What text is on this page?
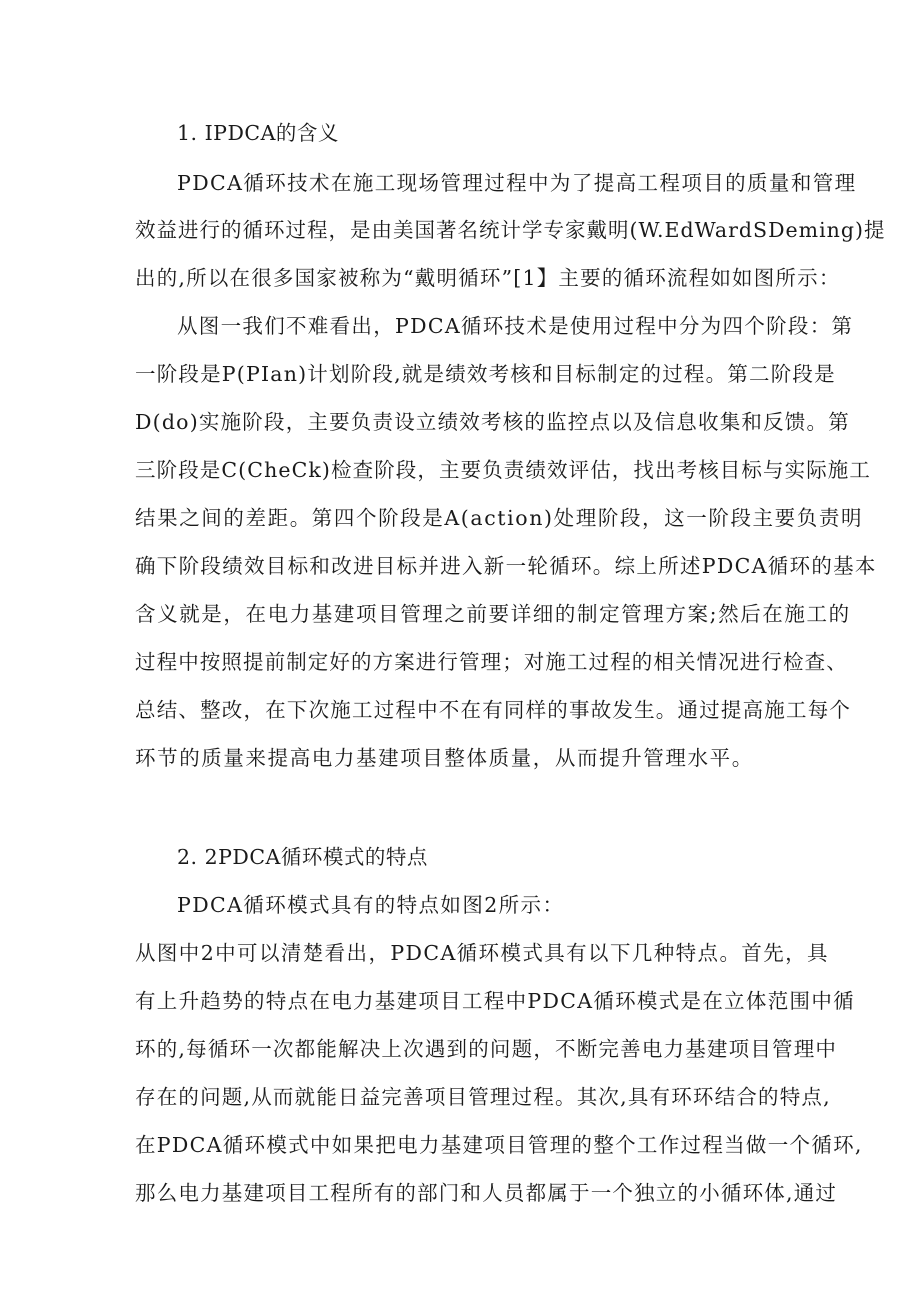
1. IPDCA的含义

PDCA循环技术在施工现场管理过程中为了提高工程项目的质量和管理

效益进行的循环过程，是由美国著名统计学专家戴明(W.EdWardSDeming)提

出的,所以在很多国家被称为“戴明循环”[1】主要的循环流程如如图所示：

从图一我们不难看出，PDCA循环技术是使用过程中分为四个阶段：第

一阶段是P(PIan)计划阶段,就是绩效考核和目标制定的过程。第二阶段是

D(do)实施阶段，主要负责设立绩效考核的监控点以及信息收集和反馈。第

三阶段是C(CheCk)检查阶段，主要负责绩效评估，找出考核目标与实际施工

结果之间的差距。第四个阶段是A(action)处理阶段，这一阶段主要负责明

确下阶段绩效目标和改进目标并进入新一轮循环。综上所述PDCA循环的基本

含义就是，在电力基建项目管理之前要详细的制定管理方案;然后在施工的

过程中按照提前制定好的方案进行管理；对施工过程的相关情况进行检查、

总结、整改，在下次施工过程中不在有同样的事故发生。通过提高施工每个

环节的质量来提高电力基建项目整体质量，从而提升管理水平。

2. 2PDCA循环模式的特点

PDCA循环模式具有的特点如图2所示：

从图中2中可以清楚看出，PDCA循环模式具有以下几种特点。首先，具

有上升趋势的特点在电力基建项目工程中PDCA循环模式是在立体范围中循

环的,每循环一次都能解决上次遇到的问题，不断完善电力基建项目管理中

存在的问题,从而就能日益完善项目管理过程。其次,具有环环结合的特点,

在PDCA循环模式中如果把电力基建项目管理的整个工作过程当做一个循环,

那么电力基建项目工程所有的部门和人员都属于一个独立的小循环体,通过
